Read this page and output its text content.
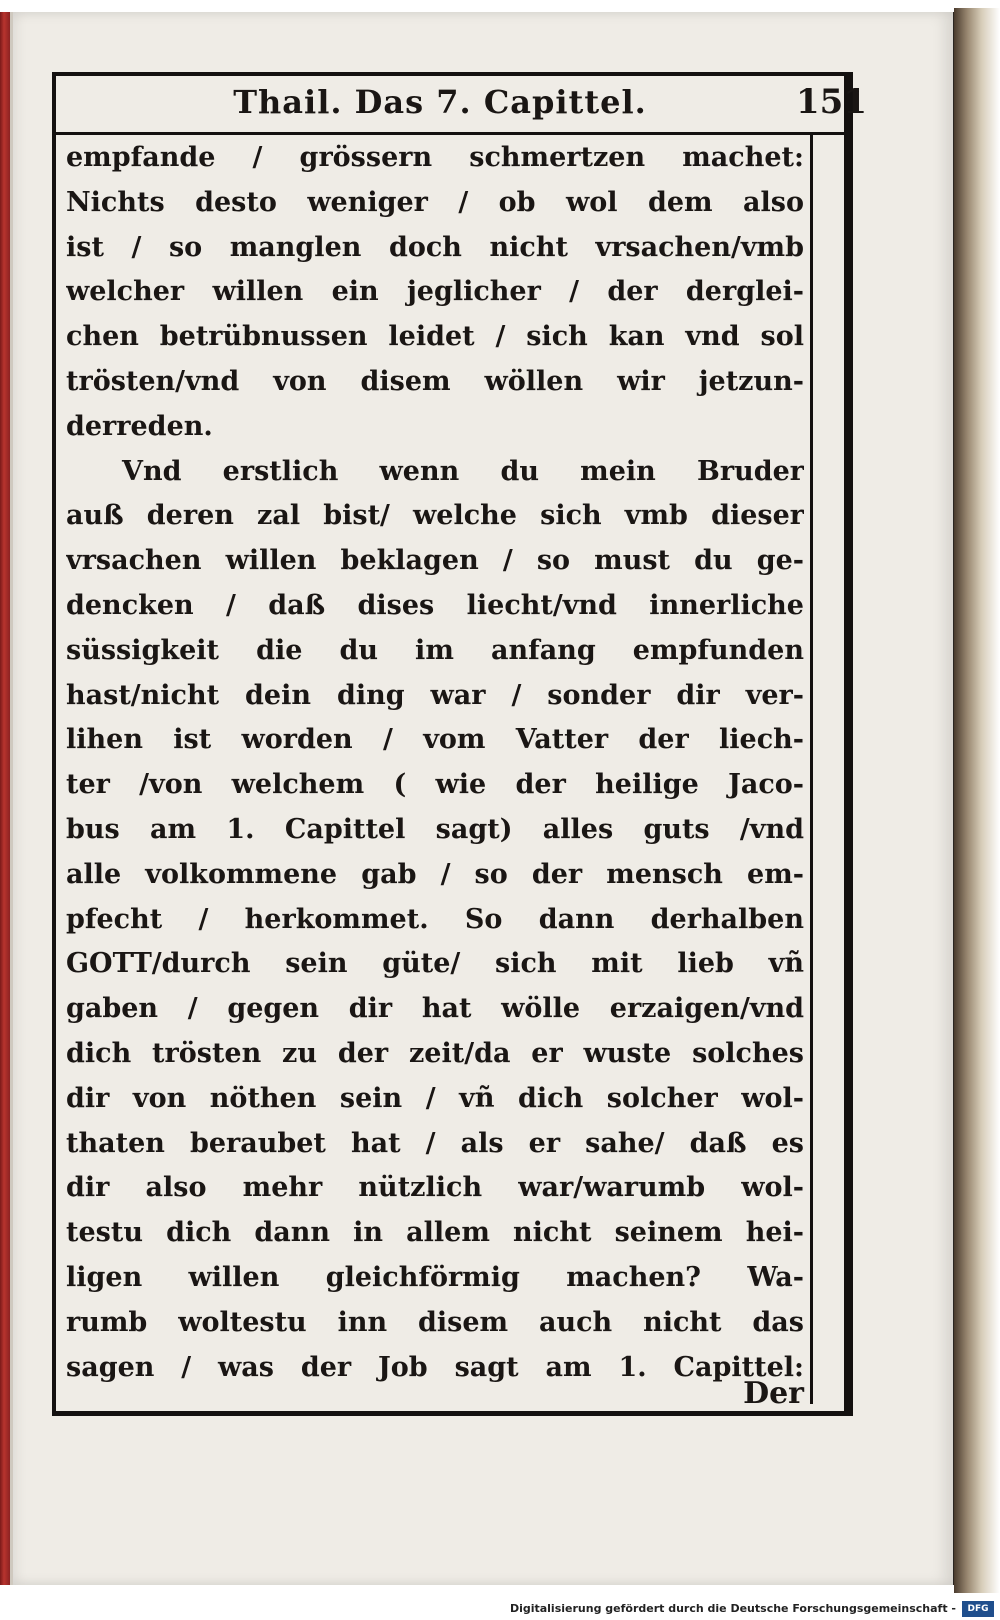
Thail. Das 7. Capittel.	151
empfande / grössern schmertzen machet:
Nichts desto weniger / ob wol dem also
ist / so manglen doch nicht vrsachen/vmb
welcher willen ein jeglicher / der derglei-
chen betrübnussen leidet / sich kan vnd sol
trösten/vnd von disem wöllen wir jetzun-
derreden.
Vnd erstlich wenn du mein Bruder
auß deren zal bist/ welche sich vmb dieser
vrsachen willen beklagen / so must du ge-
dencken / daß dises liecht/vnd innerliche
süssigkeit die du im anfang empfunden
hast/nicht dein ding war / sonder dir ver-
lihen ist worden / vom Vatter der liech-
ter /von welchem ( wie der heilige Jaco-
bus am 1. Capittel sagt) alles guts /vnd
alle volkommene gab / so der mensch em-
pfecht / herkommet. So dann derhalben
GOTT/durch sein güte/ sich mit lieb vñ
gaben / gegen dir hat wölle erzaigen/vnd
dich trösten zu der zeit/da er wuste solches
dir von nöthen sein / vñ dich solcher wol-
thaten beraubet hat / als er sahe/ daß es
dir also mehr nützlich war/warumb wol-
testu dich dann in allem nicht seinem hei-
ligen willen gleichförmig machen? Wa-
rumb woltestu inn disem auch nicht das
sagen / was der Job sagt am 1. Capittel:
Der
Digitalisierung gefördert durch die Deutsche Forschungsgemeinschaft -	DFG
